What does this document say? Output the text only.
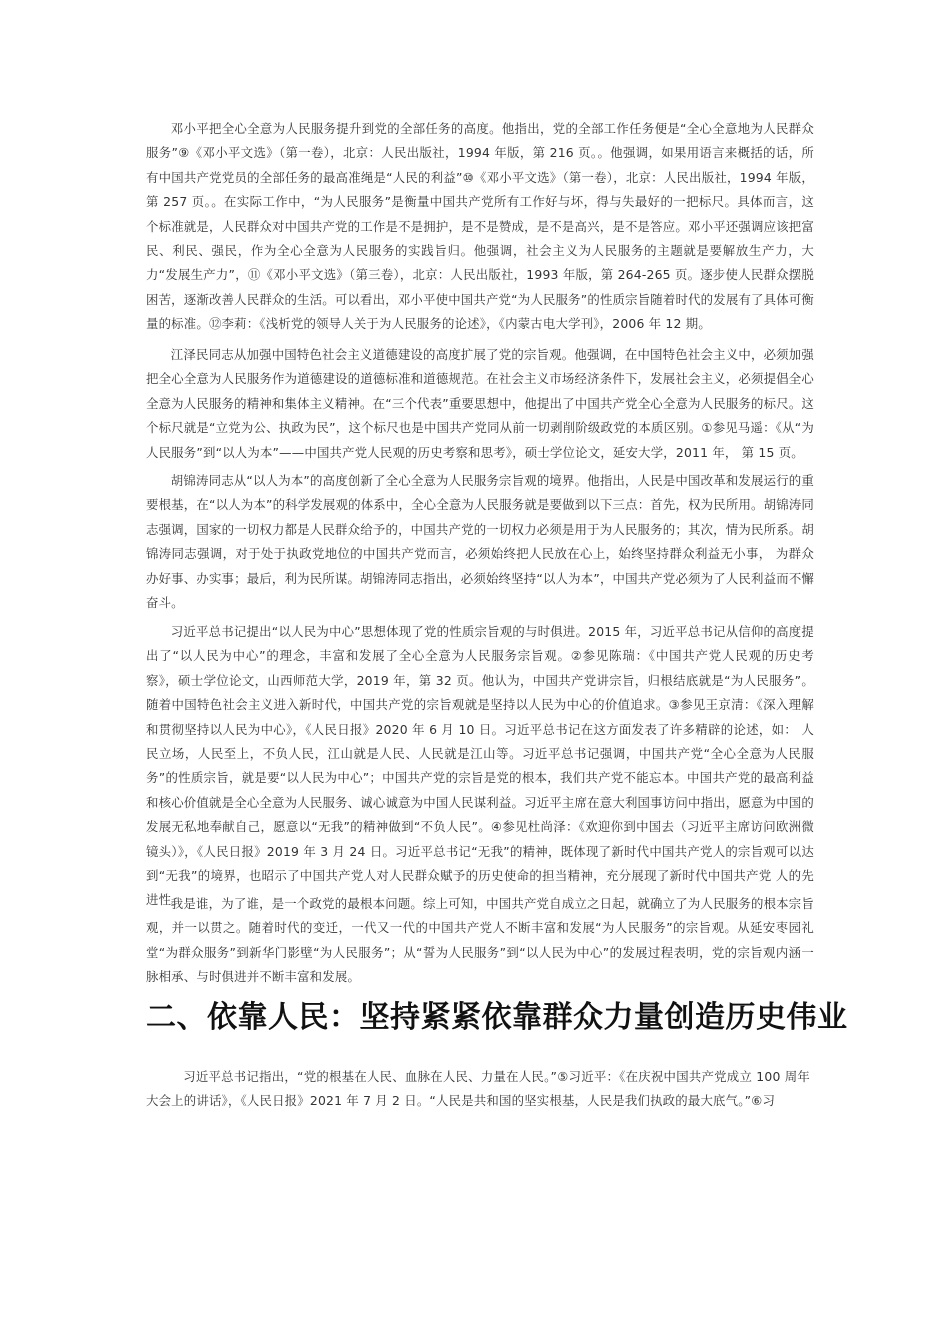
邓小平把全心全意为人民服务提升到党的全部任务的高度。他指出，党的全部工作任务便是“全心全意地为人民群众服务”⑨《邓小平文选》（第一卷），北京：人民出版社，1994 年版，第 216 页。。他强调，如果用语言来概括的话，所有中国共产党党员的全部任务的最高准绳是“人民的利益”⑩《邓小平文选》（第一卷），北京：人民出版社，1994 年版，第 257 页。。在实际工作中，“为人民服务”是衡量中国共产党所有工作好与坏，得与失最好的一把标尺。具体而言，这个标准就是，人民群众对中国共产党的工作是不是拥护，是不是赞成，是不是高兴，是不是答应。邓小平还强调应该把富民、利民、强民，作为全心全意为人民服务的实践旨归。他强调，社会主义为人民服务的主题就是要解放生产力，大力“发展生产力”，⑪《邓小平文选》（第三卷），北京：人民出版社，1993 年版，第 264-265 页。逐步使人民群众摆脱困苦，逐渐改善人民群众的生活。可以看出，邓小平使中国共产党“为人民服务”的性质宗旨随着时代的发展有了具体可衡量的标准。⑫李莉：《浅析党的领导人关于为人民服务的论述》，《内蒙古电大学刊》，2006 年 12 期。

江泽民同志从加强中国特色社会主义道德建设的高度扩展了党的宗旨观。他强调，在中国特色社会主义中，必须加强把全心全意为人民服务作为道德建设的道德标准和道德规范。在社会主义市场经济条件下，发展社会主义，必须提倡全心全意为人民服务的精神和集体主义精神。在“三个代表”重要思想中，他提出了中国共产党全心全意为人民服务的标尺。这个标尺就是“立党为公、执政为民”，这个标尺也是中国共产党同从前一切剥削阶级政党的本质区别。①参见马遥：《从“为人民服务”到“以人为本”——中国共产党人民观的历史考察和思考》，硕士学位论文，延安大学，2011 年， 第 15 页。

胡锦涛同志从“以人为本”的高度创新了全心全意为人民服务宗旨观的境界。他指出，人民是中国改革和发展运行的重要根基，在“以人为本”的科学发展观的体系中，全心全意为人民服务就是要做到以下三点：首先，权为民所用。胡锦涛同志强调，国家的一切权力都是人民群众给予的，中国共产党的一切权力必须是用于为人民服务的；其次，情为民所系。胡锦涛同志强调，对于处于执政党地位的中国共产党而言，必须始终把人民放在心上，始终坚持群众利益无小事， 为群众办好事、办实事；最后，利为民所谋。胡锦涛同志指出，必须始终坚持“以人为本”，中国共产党必须为了人民利益而不懈奋斗。

习近平总书记提出“以人民为中心”思想体现了党的性质宗旨观的与时俱进。2015 年，习近平总书记从信仰的高度提出了“以人民为中心”的理念，丰富和发展了全心全意为人民服务宗旨观。②参见陈瑞：《中国共产党人民观的历史考 察》，硕士学位论文，山西师范大学，2019 年，第 32 页。他认为，中国共产党讲宗旨，归根结底就是“为人民服务”。随着中国特色社会主义进入新时代，中国共产党的宗旨观就是坚持以人民为中心的价值追求。③参见王京清：《深入理解和贯彻坚持以人民为中心》，《人民日报》2020 年 6 月 10 日。习近平总书记在这方面发表了许多精辟的论述，如： 人民立场，人民至上，不负人民，江山就是人民、人民就是江山等。习近平总书记强调，中国共产党“全心全意为人民服务”的性质宗旨，就是要“以人民为中心”；中国共产党的宗旨是党的根本，我们共产党不能忘本。中国共产党的最高利益和核心价值就是全心全意为人民服务、诚心诚意为中国人民谋利益。习近平主席在意大利国事访问中指出，愿意为中国的发展无私地奉献自己，愿意以“无我”的精神做到“不负人民”。④参见杜尚泽：《欢迎你到中国去（习近平主席访问欧洲微镜头）》，《人民日报》2019 年 3 月 24 日。习近平总书记“无我”的精神，既体现了新时代中国共产党人的宗旨观可以达到“无我”的境界，也昭示了中国共产党人对人民群众赋予的历史使命的担当精神，充分展现了新时代中国共产党 人的先进性。

我是谁，为了谁，是一个政党的最根本问题。综上可知，中国共产党自成立之日起，就确立了为人民服务的根本宗旨观，并一以贯之。随着时代的变迁，一代又一代的中国共产党人不断丰富和发展“为人民服务”的宗旨观。从延安枣园礼堂“为群众服务”到新华门影壁“为人民服务”；从“誓为人民服务”到“以人民为中心”的发展过程表明，党的宗旨观内涵一脉相承、与时俱进并不断丰富和发展。

二、依靠人民：坚持紧紧依靠群众力量创造历史伟业

习近平总书记指出，“党的根基在人民、血脉在人民、力量在人民。”⑤习近平：《在庆祝中国共产党成立 100 周年大会上的讲话》，《人民日报》2021 年 7 月 2 日。“人民是共和国的坚实根基，人民是我们执政的最大底气。”⑥习
